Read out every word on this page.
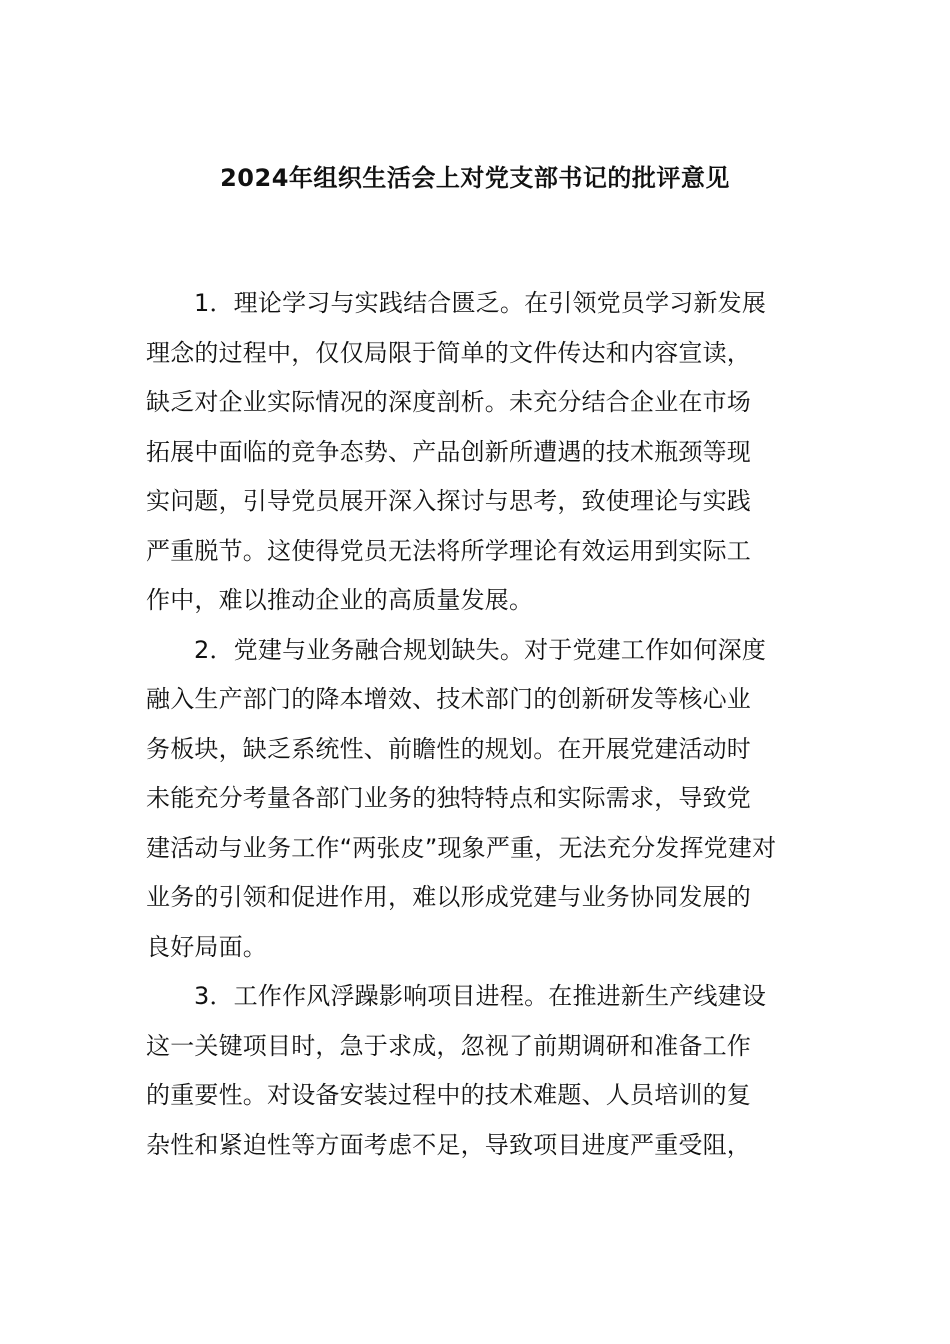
2024年组织生活会上对党支部书记的批评意见
1．理论学习与实践结合匮乏。在引领党员学习新发展
理念的过程中，仅仅局限于简单的文件传达和内容宣读，
缺乏对企业实际情况的深度剖析。未充分结合企业在市场
拓展中面临的竞争态势、产品创新所遭遇的技术瓶颈等现
实问题，引导党员展开深入探讨与思考，致使理论与实践
严重脱节。这使得党员无法将所学理论有效运用到实际工
作中，难以推动企业的高质量发展。
2．党建与业务融合规划缺失。对于党建工作如何深度
融入生产部门的降本增效、技术部门的创新研发等核心业
务板块，缺乏系统性、前瞻性的规划。在开展党建活动时
未能充分考量各部门业务的独特特点和实际需求，导致党
建活动与业务工作“两张皮”现象严重，无法充分发挥党建对
业务的引领和促进作用，难以形成党建与业务协同发展的
良好局面。
3．工作作风浮躁影响项目进程。在推进新生产线建设
这一关键项目时，急于求成，忽视了前期调研和准备工作
的重要性。对设备安装过程中的技术难题、人员培训的复
杂性和紧迫性等方面考虑不足，导致项目进度严重受阻，
